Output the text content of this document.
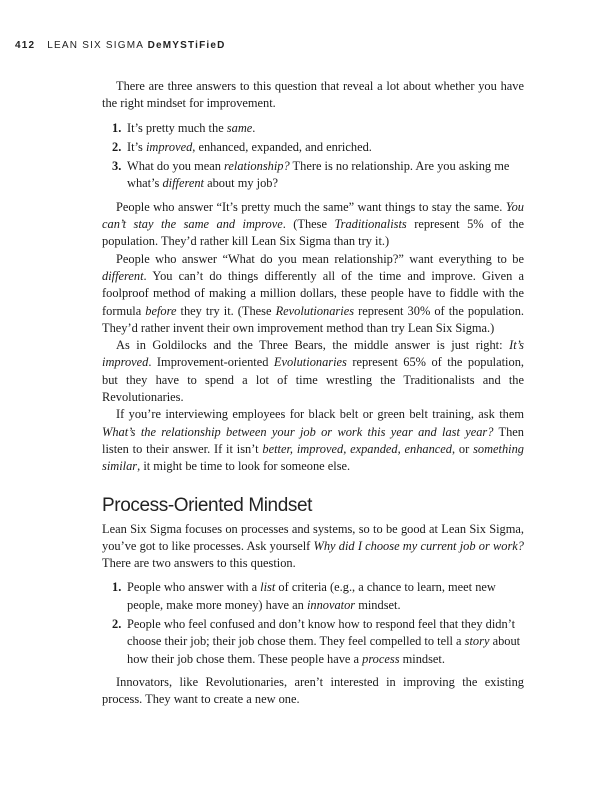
412 LEAN SIX SIGMA DeMYSTiFieD

There are three answers to this question that reveal a lot about whether you have the right mindset for improvement.

1. It’s pretty much the same.
2. It’s improved, enhanced, expanded, and enriched.
3. What do you mean relationship? There is no relationship. Are you asking me what’s different about my job?

People who answer “It’s pretty much the same” want things to stay the same. You can’t stay the same and improve. (These Traditionalists represent 5% of the population. They’d rather kill Lean Six Sigma than try it.)

People who answer “What do you mean relationship?” want everything to be different. You can’t do things differently all of the time and improve. Given a foolproof method of making a million dollars, these people have to fiddle with the formula before they try it. (These Revolutionaries represent 30% of the population. They’d rather invent their own improvement method than try Lean Six Sigma.)

As in Goldilocks and the Three Bears, the middle answer is just right: It’s improved. Improvement-oriented Evolutionaries represent 65% of the population, but they have to spend a lot of time wrestling the Traditionalists and the Revolutionaries.

If you’re interviewing employees for black belt or green belt training, ask them What’s the relationship between your job or work this year and last year? Then listen to their answer. If it isn’t better, improved, expanded, enhanced, or something similar, it might be time to look for someone else.

Process-Oriented Mindset

Lean Six Sigma focuses on processes and systems, so to be good at Lean Six Sigma, you’ve got to like processes. Ask yourself Why did I choose my current job or work? There are two answers to this question.

1. People who answer with a list of criteria (e.g., a chance to learn, meet new people, make more money) have an innovator mindset.
2. People who feel confused and don’t know how to respond feel that they didn’t choose their job; their job chose them. They feel compelled to tell a story about how their job chose them. These people have a process mindset.

Innovators, like Revolutionaries, aren’t interested in improving the existing process. They want to create a new one.
